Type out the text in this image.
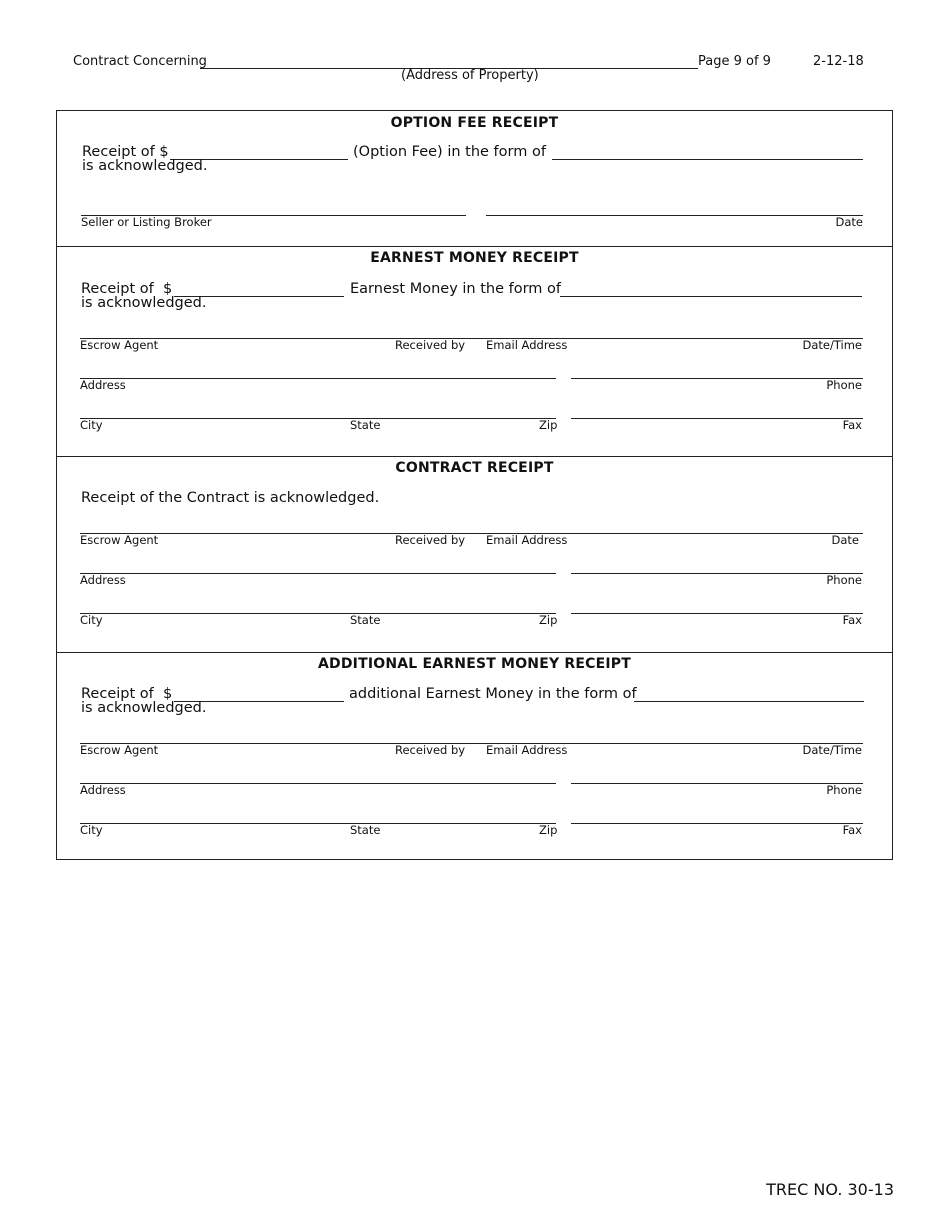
Contract Concerning	Page 9 of 9	2-12-18
(Address of Property)
OPTION FEE RECEIPT
Receipt of $	(Option Fee) in the form of
is acknowledged.
Seller or Listing Broker	Date
EARNEST MONEY RECEIPT
Receipt of  $	Earnest Money in the form of
is acknowledged.
Escrow Agent	Received by Email Address	Date/Time
Address	Phone
City	State	Zip	Fax
CONTRACT RECEIPT
Receipt of the Contract is acknowledged.
Escrow Agent	Received by Email Address	Date
Address	Phone
City	State	Zip	Fax
ADDITIONAL EARNEST MONEY RECEIPT
Receipt of  $	additional Earnest Money in the form of
is acknowledged.
Escrow Agent	Received by Email Address	Date/Time
Address	Phone
City	State	Zip	Fax
TREC NO. 30-13
